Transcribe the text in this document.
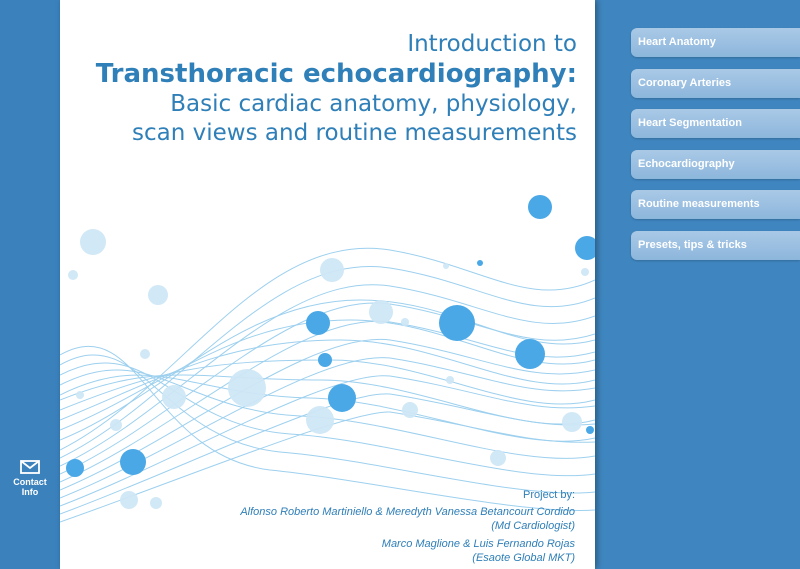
Contact
Info
Introduction to
Transthoracic echocardiography:
Basic cardiac anatomy, physiology,
scan views and routine measurements
Project by:
Alfonso Roberto Martiniello & Meredyth Vanessa Betancourt Cordido
(Md Cardiologist)
Marco Maglione & Luis Fernando Rojas
(Esaote Global MKT)
Heart Anatomy
Coronary Arteries
Heart Segmentation
Echocardiography
Routine measurements
Presets, tips & tricks
